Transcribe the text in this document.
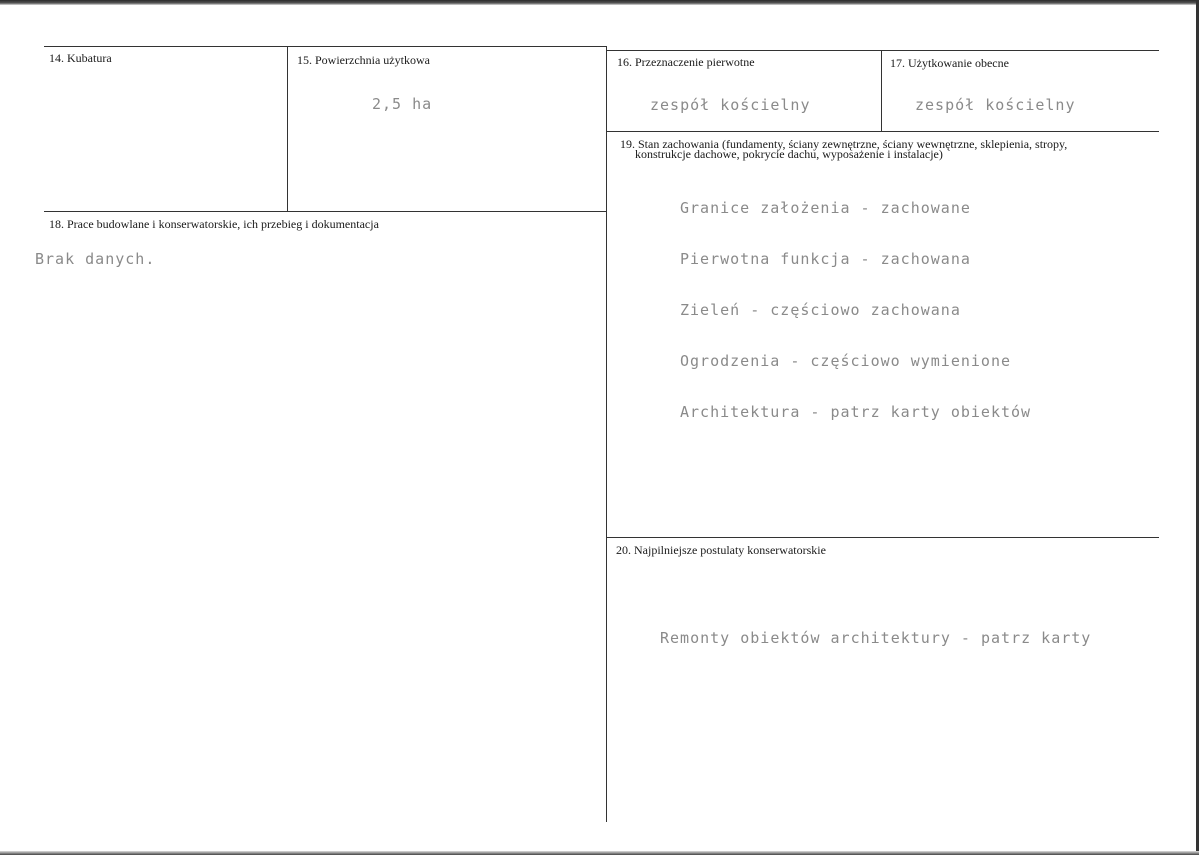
14. Kubatura	15. Powierzchnia użytkowa
2,5 ha
16. Przeznaczenie pierwotne
zespół kościelny
17. Użytkowanie obecne
zespół kościelny
18. Prace budowlane i konserwatorskie, ich przebieg i dokumentacja
Brak danych.
19. Stan zachowania (fundamenty, ściany zewnętrzne, ściany wewnętrzne, sklepienia, stropy,
konstrukcje dachowe, pokrycie dachu, wyposażenie i instalacje)

Granice założenia - zachowane

Pierwotna funkcja - zachowana

Zieleń - częściowo zachowana

Ogrodzenia - częściowo wymienione

Architektura - patrz karty obiektów

20. Najpilniejsze postulaty konserwatorskie
Remonty obiektów architektury - patrz karty
